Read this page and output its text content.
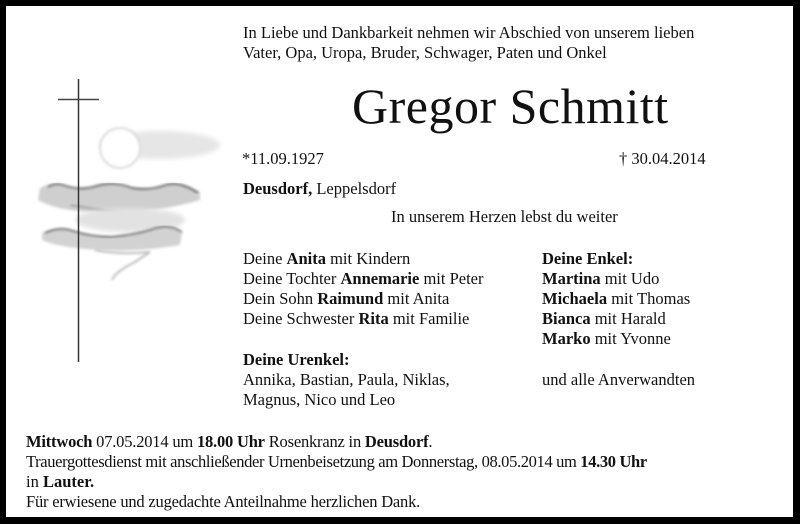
In Liebe und Dankbarkeit nehmen wir Abschied von unserem lieben
Vater, Opa, Uropa, Bruder, Schwager, Paten und Onkel
Gregor Schmitt
*11.09.1927	† 30.04.2014
Deusdorf, Leppelsdorf
In unserem Herzen lebst du weiter
Deine Anita mit Kindern
Deine Tochter Annemarie mit Peter
Dein Sohn Raimund mit Anita
Deine Schwester Rita mit Familie
Deine Urenkel:
Annika, Bastian, Paula, Niklas,
Magnus, Nico und Leo
Deine Enkel:
Martina mit Udo
Michaela mit Thomas
Bianca mit Harald
Marko mit Yvonne
und alle Anverwandten
Mittwoch 07.05.2014 um 18.00 Uhr Rosenkranz in Deusdorf.
Trauergottesdienst mit anschließender Urnenbeisetzung am Donnerstag, 08.05.2014 um 14.30 Uhr
in Lauter.
Für erwiesene und zugedachte Anteilnahme herzlichen Dank.
